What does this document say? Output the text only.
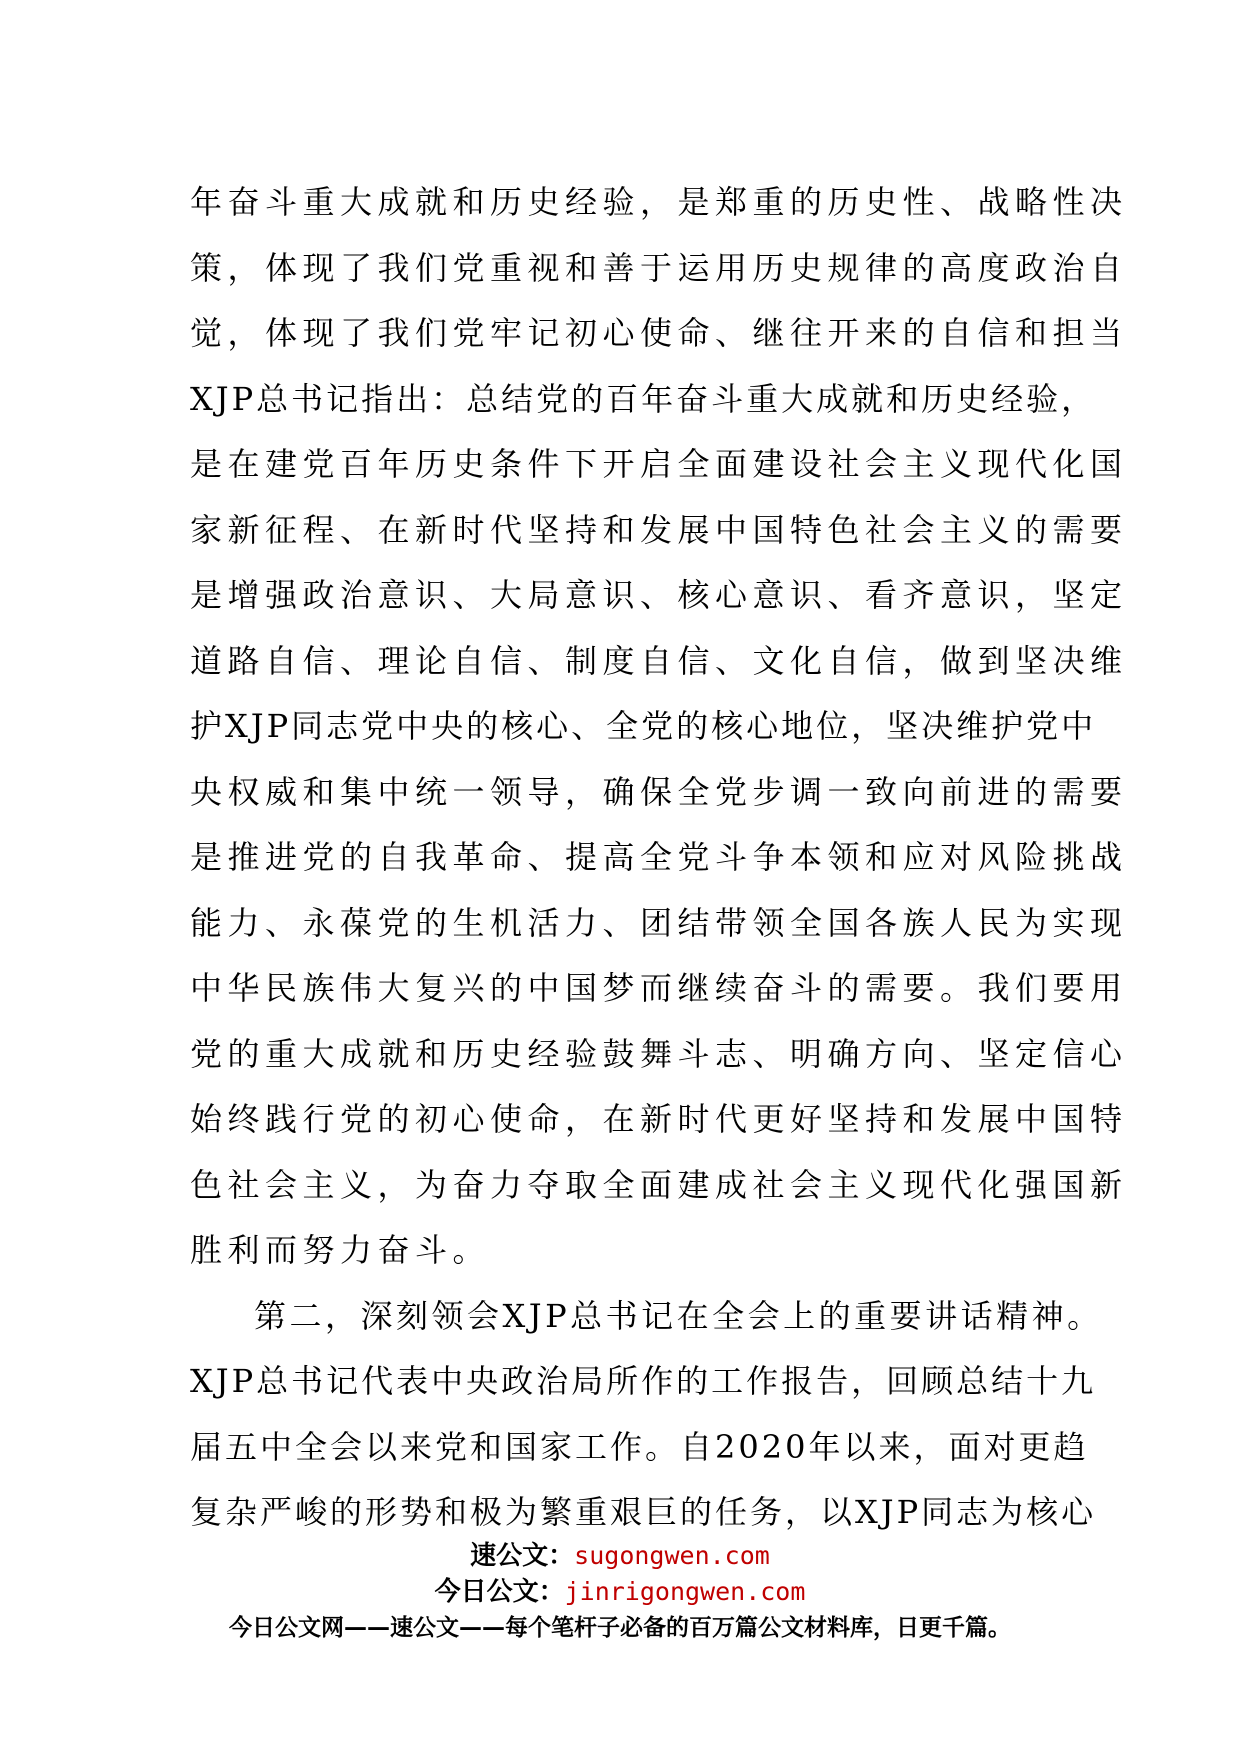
年奋斗重大成就和历史经验，是郑重的历史性、战略性决
策，体现了我们党重视和善于运用历史规律的高度政治自
觉，体现了我们党牢记初心使命、继往开来的自信和担当
XJP总书记指出：总结党的百年奋斗重大成就和历史经验，
是在建党百年历史条件下开启全面建设社会主义现代化国
家新征程、在新时代坚持和发展中国特色社会主义的需要
是增强政治意识、大局意识、核心意识、看齐意识，坚定
道路自信、理论自信、制度自信、文化自信，做到坚决维
护XJP同志党中央的核心、全党的核心地位，坚决维护党中
央权威和集中统一领导，确保全党步调一致向前进的需要
是推进党的自我革命、提高全党斗争本领和应对风险挑战
能力、永葆党的生机活力、团结带领全国各族人民为实现
中华民族伟大复兴的中国梦而继续奋斗的需要。我们要用
党的重大成就和历史经验鼓舞斗志、明确方向、坚定信心
始终践行党的初心使命，在新时代更好坚持和发展中国特
色社会主义，为奋力夺取全面建成社会主义现代化强国新
胜利而努力奋斗。
第二，深刻领会XJP总书记在全会上的重要讲话精神。
XJP总书记代表中央政治局所作的工作报告，回顾总结十九
届五中全会以来党和国家工作。自2020年以来，面对更趋
复杂严峻的形势和极为繁重艰巨的任务，以XJP同志为核心
速公文：sugongwen.com
今日公文：jinrigongwen.com
今日公文网——速公文——每个笔杆子必备的百万篇公文材料库，日更千篇。
